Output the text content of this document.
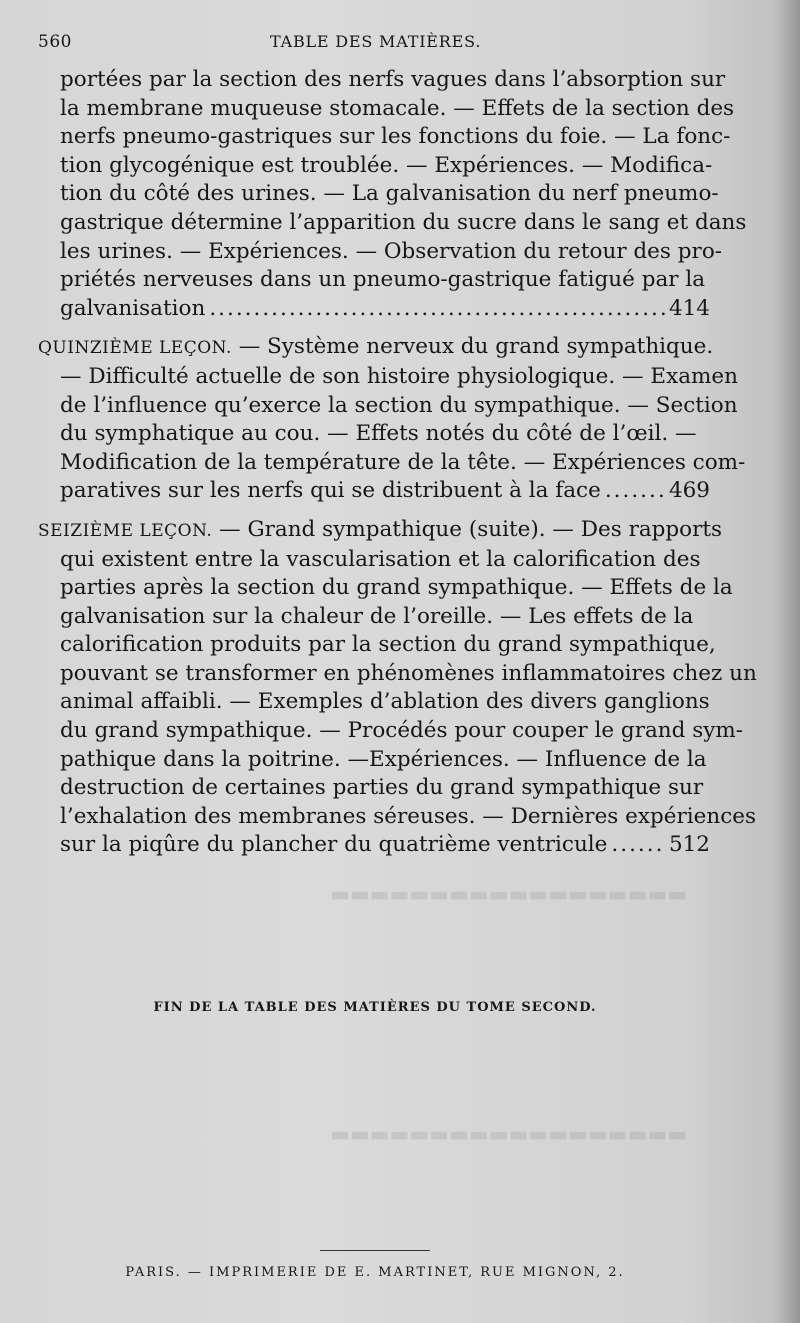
▬▬▬▬▬▬▬▬▬▬▬▬▬▬▬▬▬▬
▬▬▬▬▬▬▬▬▬▬▬▬▬▬▬▬▬▬
560	TABLE DES MATIÈRES.
portées par la section des nerfs vagues dans l’absorption sur
la membrane muqueuse stomacale. — Effets de la section des
nerfs pneumo-gastriques sur les fonctions du foie. — La fonc-
tion glycogénique est troublée. — Expériences. — Modifica-
tion du côté des urines. — La galvanisation du nerf pneumo-
gastrique détermine l’apparition du sucre dans le sang et dans
les urines. — Expériences. — Observation du retour des pro-
priétés nerveuses dans un pneumo-gastrique fatigué par la
galvanisation .....	414
QUINZIÈME LEÇON. — Système nerveux du grand sympathique.
— Difficulté actuelle de son histoire physiologique. — Examen
de l’influence qu’exerce la section du sympathique. — Section
du symphatique au cou. — Effets notés du côté de l’œil. —
Modification de la température de la tête. — Expériences com-
paratives sur les nerfs qui se distribuent à la face .....	469
SEIZIÈME LEÇON. — Grand sympathique (suite). — Des rapports
qui existent entre la vascularisation et la calorification des
parties après la section du grand sympathique. — Effets de la
galvanisation sur la chaleur de l’oreille. — Les effets de la
calorification produits par la section du grand sympathique,
pouvant se transformer en phénomènes inflammatoires chez un
animal affaibli. — Exemples d’ablation des divers ganglions
du grand sympathique. — Procédés pour couper le grand sym-
pathique dans la poitrine. —Expériences. — Influence de la
destruction de certaines parties du grand sympathique sur
l’exhalation des membranes séreuses. — Dernières expériences
sur la piqûre du plancher du quatrième ventricule .....	512
FIN DE LA TABLE DES MATIÈRES DU TOME SECOND.
PARIS. — IMPRIMERIE DE E. MARTINET, RUE MIGNON, 2.
